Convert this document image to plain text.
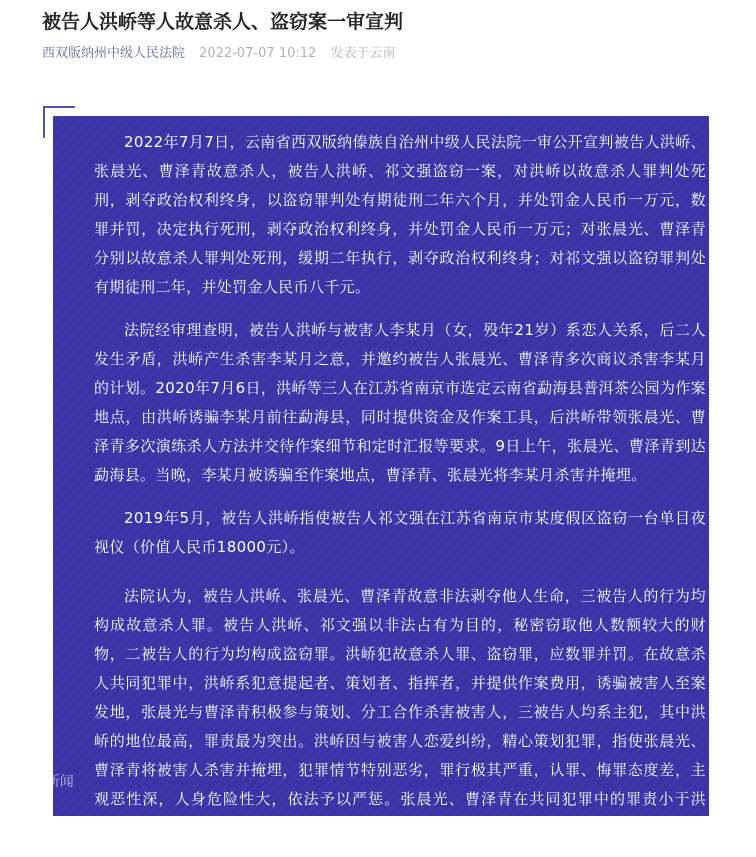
被告人洪峤等人故意杀人、盗窃案一审宣判
西双版纳州中级人民法院 2022-07-07 10:12 发表于云南

2022年7月7日，云南省西双版纳傣族自治州中级人民法院一审公开宣判被告人洪峤、张晨光、曹泽青故意杀人，被告人洪峤、祁文强盗窃一案，对洪峤以故意杀人罪判处死刑，剥夺政治权利终身，以盗窃罪判处有期徒刑二年六个月，并处罚金人民币一万元，数罪并罚，决定执行死刑，剥夺政治权利终身，并处罚金人民币一万元；对张晨光、曹泽青分别以故意杀人罪判处死刑，缓期二年执行，剥夺政治权利终身；对祁文强以盗窃罪判处有期徒刑二年，并处罚金人民币八千元。

法院经审理查明，被告人洪峤与被害人李某月（女，殁年21岁）系恋人关系，后二人发生矛盾，洪峤产生杀害李某月之意，并邀约被告人张晨光、曹泽青多次商议杀害李某月的计划。2020年7月6日，洪峤等三人在江苏省南京市选定云南省勐海县普洱茶公园为作案地点，由洪峤诱骗李某月前往勐海县，同时提供资金及作案工具，后洪峤带领张晨光、曹泽青多次演练杀人方法并交待作案细节和定时汇报等要求。9日上午，张晨光、曹泽青到达勐海县。当晚，李某月被诱骗至作案地点，曹泽青、张晨光将李某月杀害并掩埋。

2019年5月，被告人洪峤指使被告人祁文强在江苏省南京市某度假区盗窃一台单目夜视仪（价值人民币18000元）。

法院认为，被告人洪峤、张晨光、曹泽青故意非法剥夺他人生命，三被告人的行为均构成故意杀人罪。被告人洪峤、祁文强以非法占有为目的，秘密窃取他人数额较大的财物，二被告人的行为均构成盗窃罪。洪峤犯故意杀人罪、盗窃罪，应数罪并罚。在故意杀人共同犯罪中，洪峤系犯意提起者、策划者、指挥者，并提供作案费用，诱骗被害人至案发地，张晨光与曹泽青积极参与策划、分工合作杀害被害人，三被告人均系主犯，其中洪峤的地位最高，罪责最为突出。洪峤因与被害人恋爱纠纷，精心策划犯罪，指使张晨光、曹泽青将被害人杀害并掩埋，犯罪情节特别恶劣，罪行极其严重，认罪、悔罪态度差，主观恶性深，人身危险性大，依法予以严惩。张晨光、曹泽青在共同犯罪中的罪责小于洪峤，且归案后如实供

ᛈ 大鹏新闻
